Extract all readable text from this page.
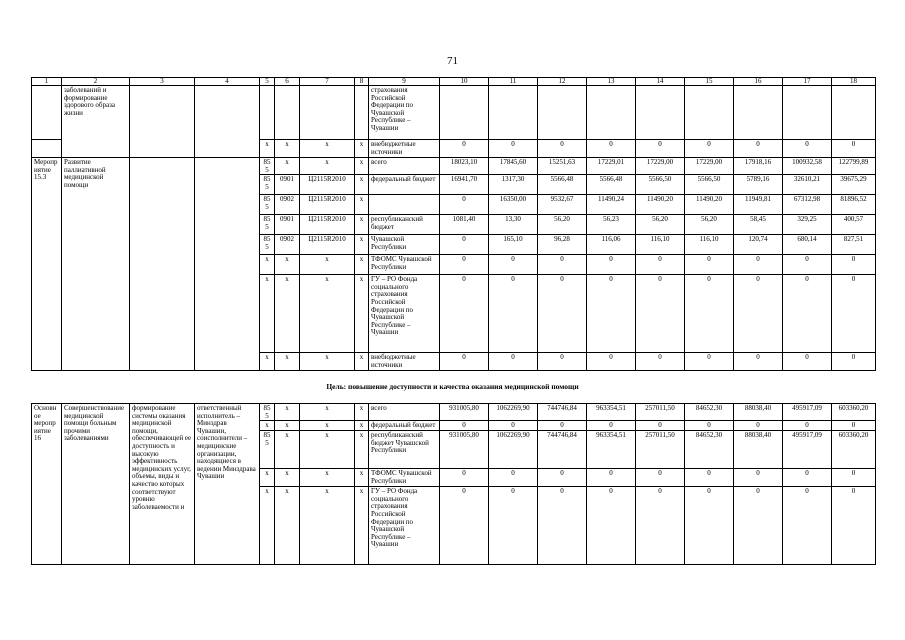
71
1	2	3	4	5	6	7	8	9	10	11	12	13	14	15	16	17	18
	заболеваний и формирование здорового образа жизни							страхования Российской Федерации по Чувашской Республике – Чувашии									
				x	x	x	x	внебюджетные источники	0	0	0	0	0	0	0	0	0
Мероприятие 15.3	Развитие паллиативной медицинской помощи			855	x	x	x	всего	18023,10	17845,60	15251,63	17229,01	17229,00	17229,00	17918,16	100932,58	122799,89
				855	0901	Ц2115R2010	x	федеральный бюджет	16941,70	1317,30	5566,48	5566,48	5566,50	5566,50	5789,16	32610,21	39675,29
				855	0902	Ц2115R2010	x		0	16350,00	9532,67	11490,24	11490,20	11490,20	11949,81	67312,98	81896,52
				855	0901	Ц2115R2010	x	республиканский бюджет	1081,40	13,30	56,20	56,23	56,20	56,20	58,45	329,25	400,57
				855	0902	Ц2115R2010	x	Чувашской Республики	0	165,10	96,28	116,06	116,10	116,10	120,74	680,14	827,51
				x	x	x	x	ТФОМС Чувашской Республики	0	0	0	0	0	0	0	0	0
				x	x	x	x	ГУ – РО Фонда социального страхования Российской Федерации по Чувашской Республике – Чувашии	0	0	0	0	0	0	0	0	0
				x	x	x	x	внебюджетные источники	0	0	0	0	0	0	0	0	0
Цель: повышение доступности и качества оказания медицинской помощи
Основное мероприятие 16	Совершенствование медицинской помощи больным прочими заболеваниями	формирование системы оказания медицинской помощи, обеспечивающей ее доступность и высокую эффективность медицинских услуг, объемы, виды и качество которых соответствуют уровню заболеваемости и	ответственный исполнитель – Минздрав Чувашии, соисполнители – медицинские организации, находящиеся в ведении Минздрава Чувашии	855	x	x	x	всего	931005,80	1062269,90	744746,84	963354,51	257011,50	84652,30	88038,40	495917,09	603360,20
				x	x	x	x	федеральный бюджет	0	0	0	0	0	0	0	0	0
				855	x	x	x	республиканский бюджет Чувашской Республики	931005,80	1062269,90	744746,84	963354,51	257011,50	84652,30	88038,40	495917,09	603360,20
				x	x	x	x	ТФОМС Чувашской Республики	0	0	0	0	0	0	0	0	0
				x	x	x	x	ГУ – РО Фонда социального страхования Российской Федерации по Чувашской Республике – Чувашии	0	0	0	0	0	0	0	0	0
